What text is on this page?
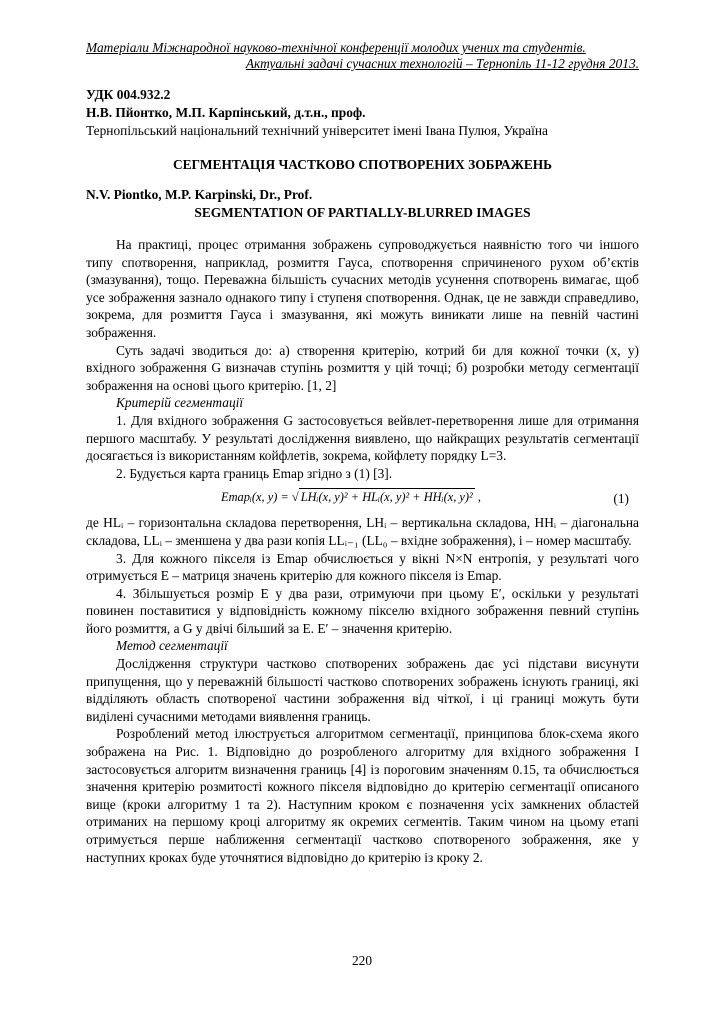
Матеріали Міжнародної науково-технічної конференції молодих учених та студентів.
Актуальні задачі сучасних технологій – Тернопіль 11-12 грудня 2013.
УДК 004.932.2
Н.В. Пйонтко, М.П. Карпінський, д.т.н., проф.
Тернопільський національний технічний університет імені Івана Пулюя, Україна
СЕГМЕНТАЦІЯ ЧАСТКОВО СПОТВОРЕНИХ ЗОБРАЖЕНЬ
N.V. Piontko, M.P. Karpinski, Dr., Prof.
SEGMENTATION OF PARTIALLY-BLURRED IMAGES

На практиці, процес отримання зображень супроводжується наявністю того чи іншого типу спотворення, наприклад, розмиття Гауса, спотворення спричиненого рухом об’єктів (змазування), тощо. Переважна більшість сучасних методів усунення спотворень вимагає, щоб усе зображення зазнало однакого типу і ступеня спотворення. Однак, це не завжди справедливо, зокрема, для розмиття Гауса і змазування, які можуть виникати лише на певній частині зображення.

Суть задачі зводиться до: а) створення критерію, котрий би для кожної точки (x, y) вхідного зображення G визначав ступінь розмиття у цій точці; б) розробки методу сегментації зображення на основі цього критерію. [1, 2]

Критерій сегментації

1. Для вхідного зображення G застосовується вейвлет-перетворення лише для отримання першого масштабу. У результаті дослідження виявлено, що найкращих результатів сегментації досягається із використанням койфлетів, зокрема, койфлету порядку L=3.

2. Будується карта границь Emap згідно з (1) [3].

Emapᵢ(x, y) = √ LHᵢ(x, y)² + HLᵢ(x, y)² + HHᵢ(x, y)² ,	(1)

де HLᵢ – горизонтальна складова перетворення, LHᵢ – вертикальна складова, HHᵢ – діагональна складова, LLᵢ – зменшена у два рази копія LLᵢ₋₁ (LL₀ – вхідне зображення), i – номер масштабу.

3. Для кожного пікселя із Emap обчислюється у вікні N×N ентропія, у результаті чого отримується E – матриця значень критерію для кожного пікселя із Emap.

4. Збільшується розмір E у два рази, отримуючи при цьому E′, оскільки у результаті повинен поставитися у відповідність кожному пікселю вхідного зображення певний ступінь його розмиття, а G у двічі більший за E. E′ – значення критерію.

Метод сегментації

Дослідження структури частково спотворених зображень дає усі підстави висунути припущення, що у переважній більшості частково спотворених зображень існують границі, які відділяють область спотвореної частини зображення від чіткої, і ці границі можуть бути виділені сучасними методами виявлення границь.

Розроблений метод ілюструється алгоритмом сегментації, принципова блок-схема якого зображена на Рис. 1. Відповідно до розробленого алгоритму для вхідного зображення I застосовується алгоритм визначення границь [4] із пороговим значенням 0.15, та обчислюється значення критерію розмитості кожного пікселя відповідно до критерію сегментації описаного вище (кроки алгоритму 1 та 2). Наступним кроком є позначення усіх замкнених областей отриманих на першому кроці алгоритму як окремих сегментів. Таким чином на цьому етапі отримується перше наближення сегментації частково спотвореного зображення, яке у наступних кроках буде уточнятися відповідно до критерію із кроку 2.

220
